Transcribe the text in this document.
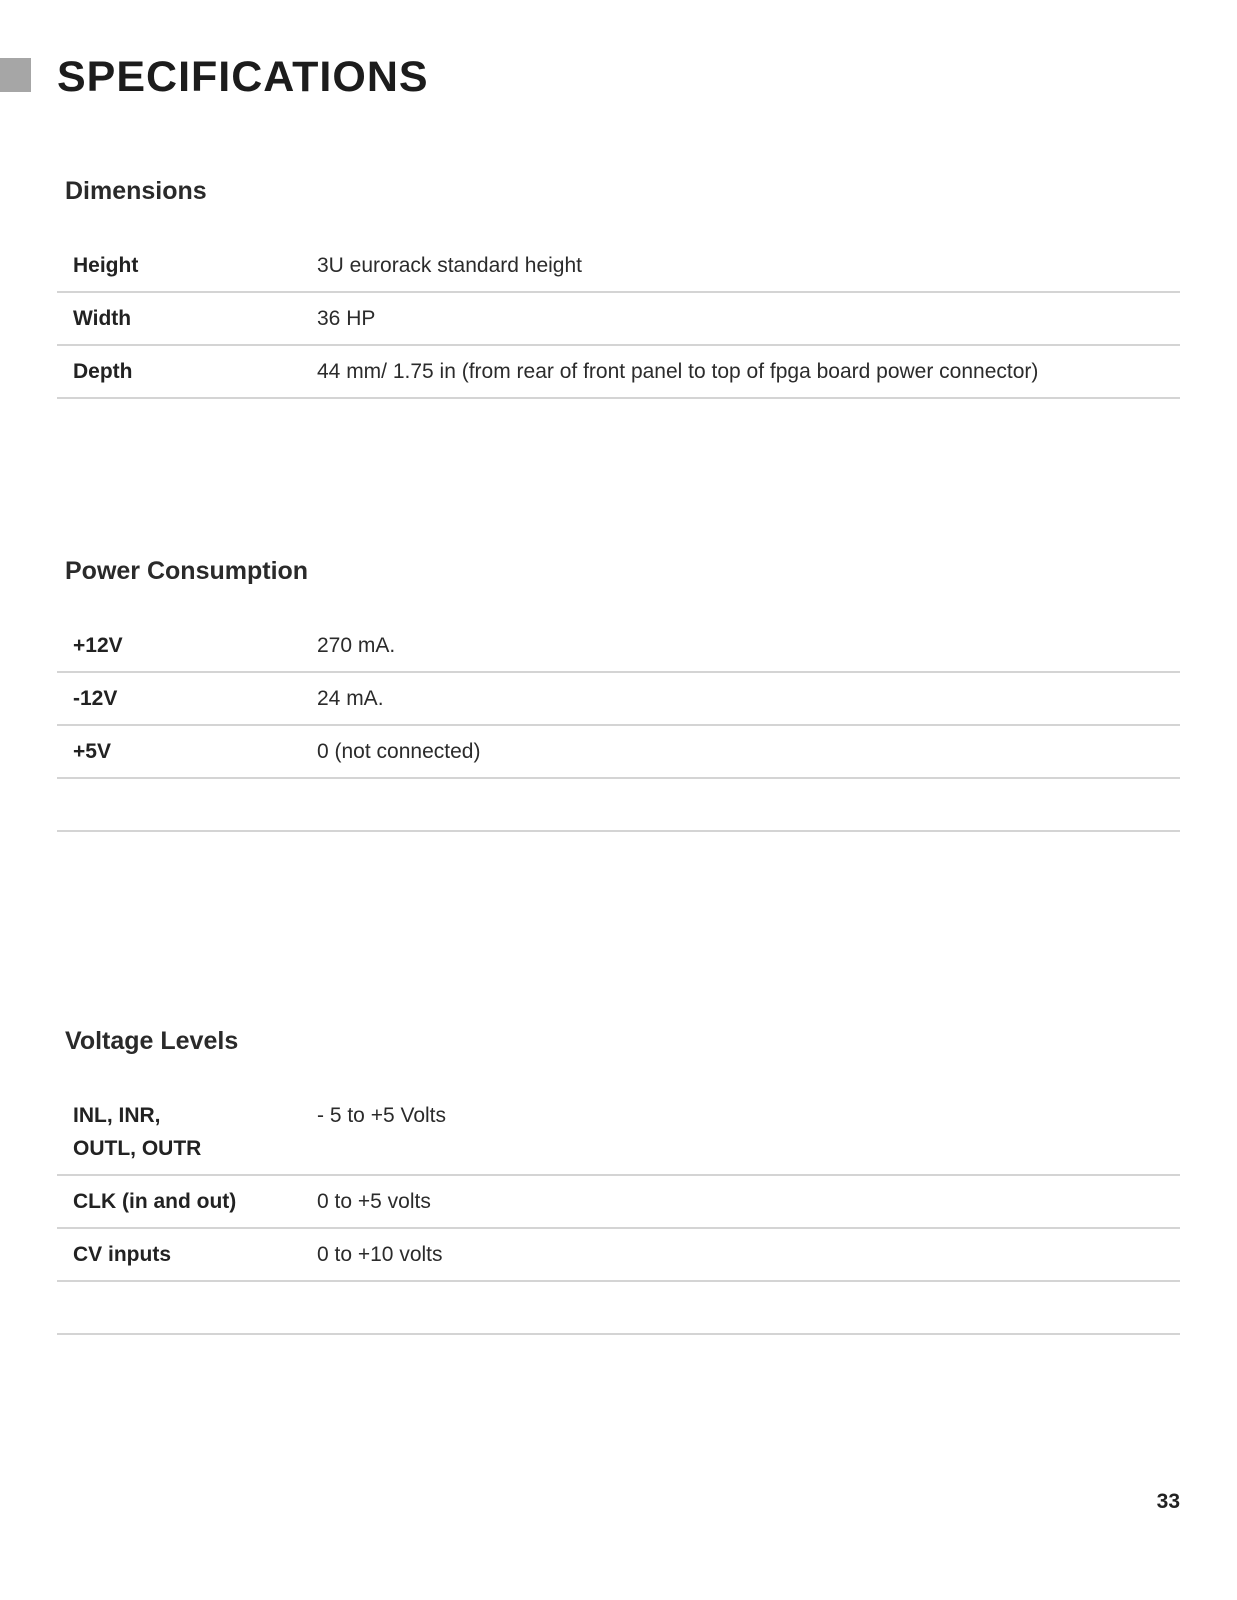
SPECIFICATIONS
Dimensions
Height	3U eurorack standard height
Width	36 HP
Depth	44 mm/ 1.75 in (from rear of front panel to top of fpga board power connector)
Power Consumption
+12V	270 mA.
-12V	24 mA.
+5V	0 (not connected)

Voltage Levels
INL, INR,
OUTL, OUTR	- 5 to +5 Volts
CLK (in and out)	0 to +5 volts
CV inputs	0 to +10 volts

33
